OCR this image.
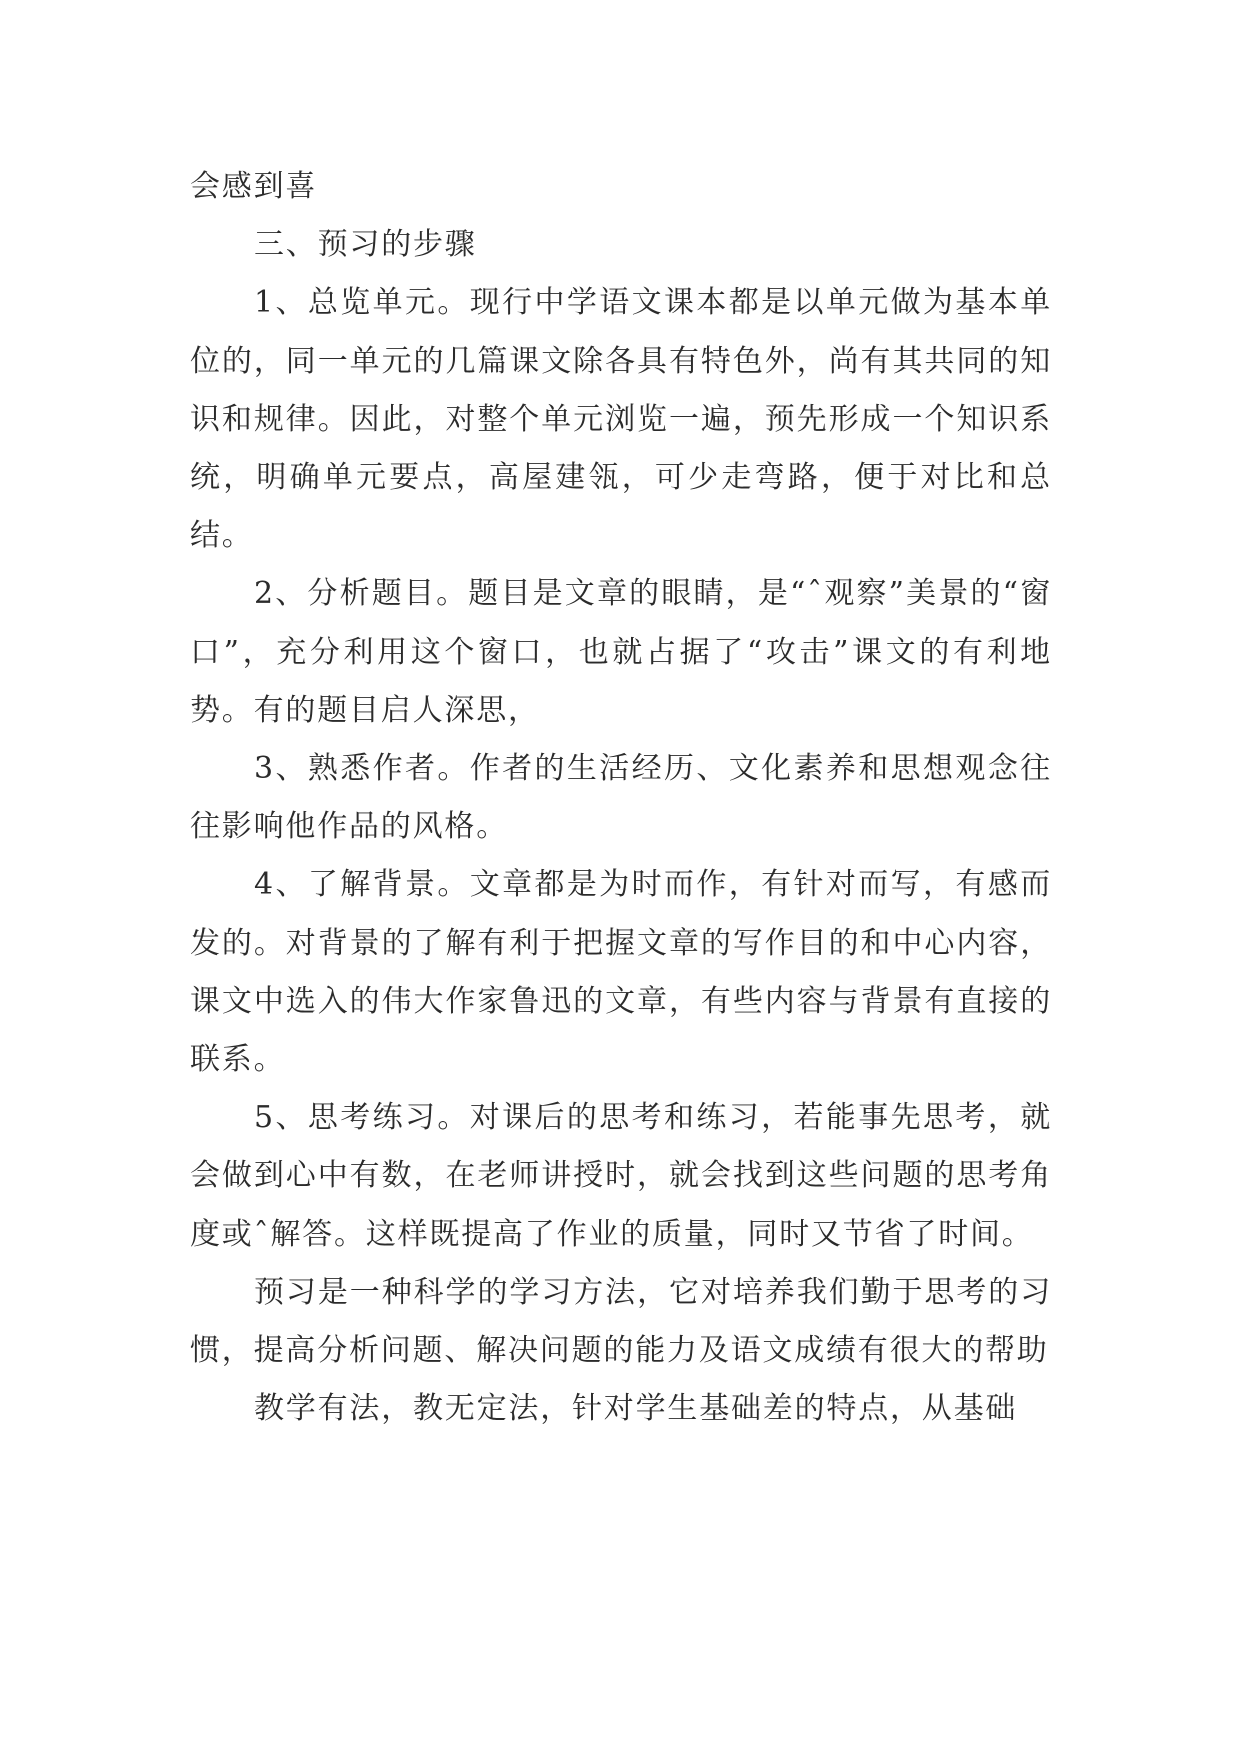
会感到喜

三、预习的步骤

1、总览单元。现行中学语文课本都是以单元做为基本单位的，同一单元的几篇课文除各具有特色外，尚有其共同的知识和规律。因此，对整个单元浏览一遍，预先形成一个知识系统，明确单元要点，高屋建瓴，可少走弯路，便于对比和总结。

2、分析题目。题目是文章的眼睛，是“ˆ观察”美景的“窗口”，充分利用这个窗口，也就占据了“攻击”课文的有利地势。有的题目启人深思，

3、熟悉作者。作者的生活经历、文化素养和思想观念往往影响他作品的风格。

4、了解背景。文章都是为时而作，有针对而写，有感而发的。对背景的了解有利于把握文章的写作目的和中心内容，课文中选入的伟大作家鲁迅的文章，有些内容与背景有直接的联系。

5、思考练习。对课后的思考和练习，若能事先思考，就会做到心中有数，在老师讲授时，就会找到这些问题的思考角度或ˆ解答。这样既提高了作业的质量，同时又节省了时间。

预习是一种科学的学习方法，它对培养我们勤于思考的习惯，提高分析问题、解决问题的能力及语文成绩有很大的帮助

教学有法，教无定法，针对学生基础差的特点，从基础
